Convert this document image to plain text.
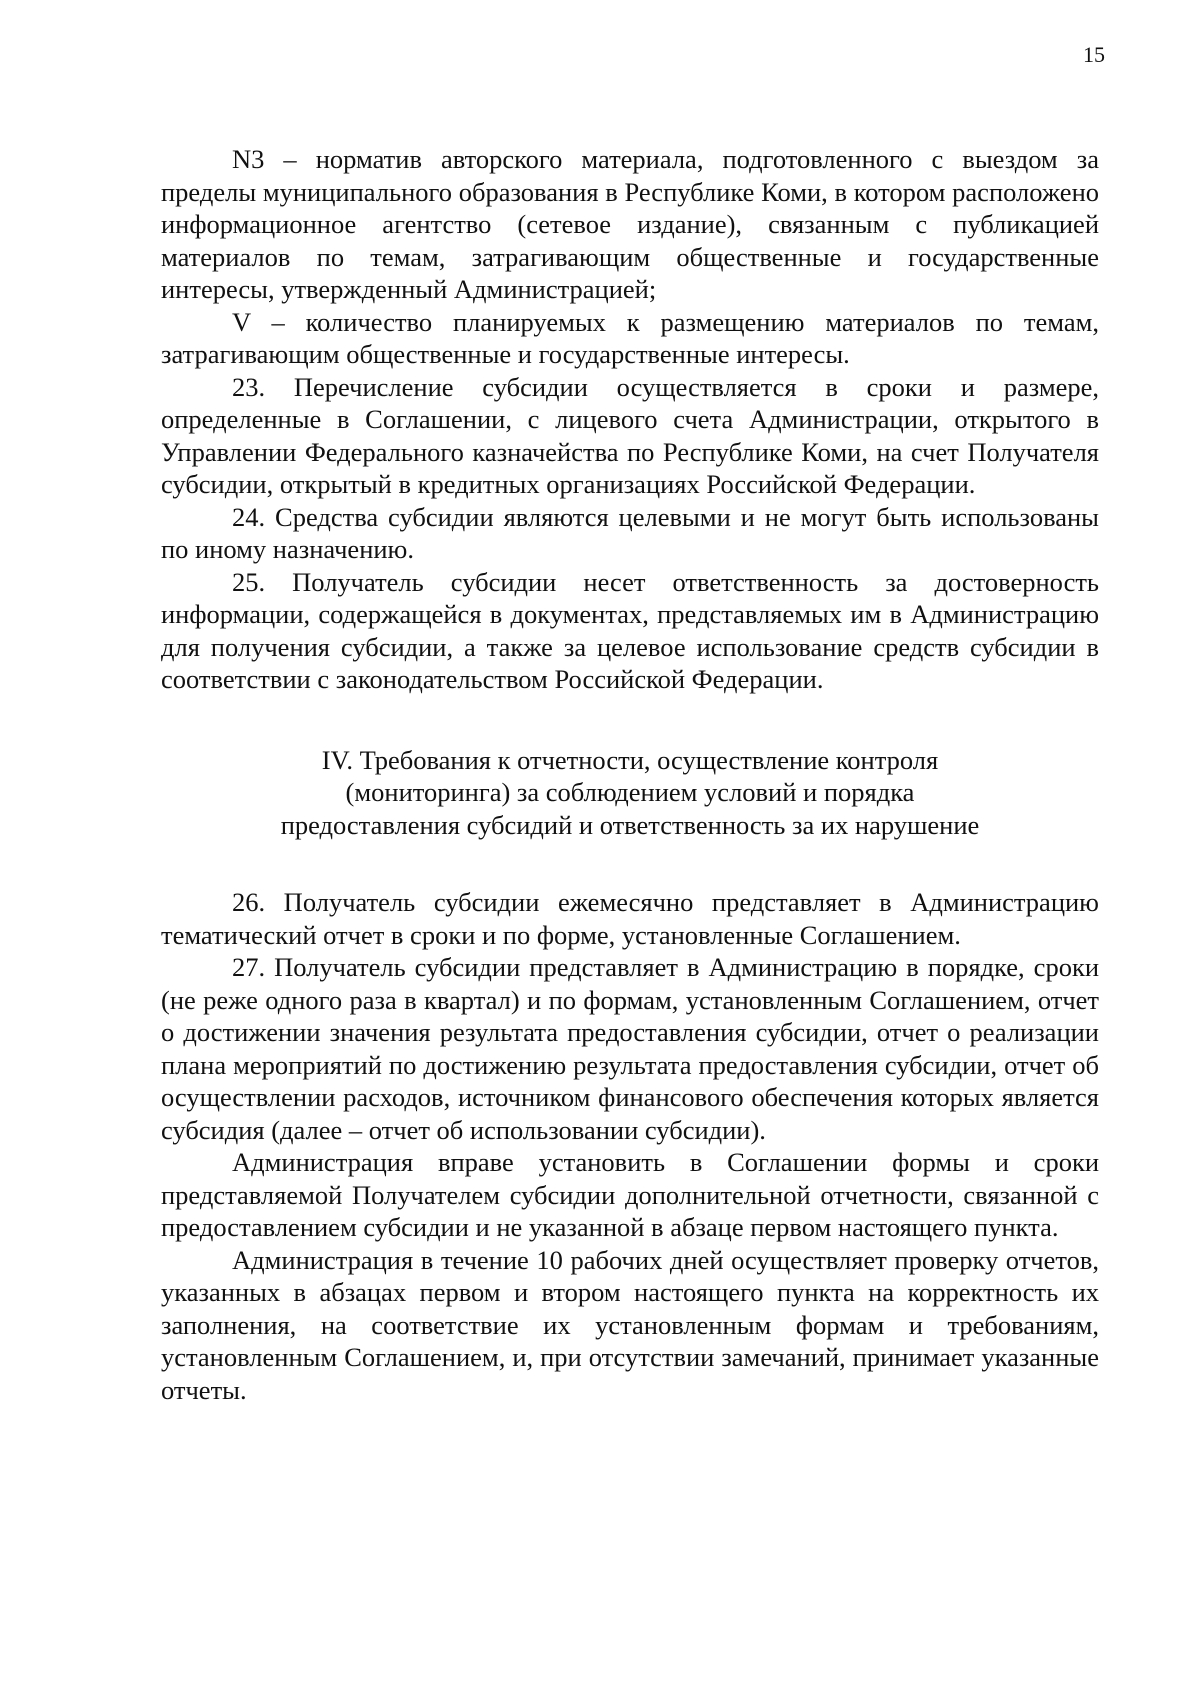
15

N3 – норматив авторского материала, подготовленного с выездом за пределы муниципального образования в Республике Коми, в котором расположено информационное агентство (сетевое издание), связанным с публикацией материалов по темам, затрагивающим общественные и государственные интересы, утвержденный Администрацией;

V – количество планируемых к размещению материалов по темам, затрагивающим общественные и государственные интересы.

23. Перечисление субсидии осуществляется в сроки и размере, определенные в Соглашении, с лицевого счета Администрации, открытого в Управлении Федерального казначейства по Республике Коми, на счет Получателя субсидии, открытый в кредитных организациях Российской Федерации.

24. Средства субсидии являются целевыми и не могут быть использованы по иному назначению.

25. Получатель субсидии несет ответственность за достоверность информации, содержащейся в документах, представляемых им в Администрацию для получения субсидии, а также за целевое использование средств субсидии в соответствии с законодательством Российской Федерации.

IV. Требования к отчетности, осуществление контроля
(мониторинга) за соблюдением условий и порядка
предоставления субсидий и ответственность за их нарушение

26. Получатель субсидии ежемесячно представляет в Администрацию тематический отчет в сроки и по форме, установленные Соглашением.

27. Получатель субсидии представляет в Администрацию в порядке, сроки (не реже одного раза в квартал) и по формам, установленным Соглашением, отчет о достижении значения результата предоставления субсидии, отчет о реализации плана мероприятий по достижению результата предоставления субсидии, отчет об осуществлении расходов, источником финансового обеспечения которых является субсидия (далее – отчет об использовании субсидии).

Администрация вправе установить в Соглашении формы и сроки представляемой Получателем субсидии дополнительной отчетности, связанной с предоставлением субсидии и не указанной в абзаце первом настоящего пункта.

Администрация в течение 10 рабочих дней осуществляет проверку отчетов, указанных в абзацах первом и втором настоящего пункта на корректность их заполнения, на соответствие их установленным формам и требованиям, установленным Соглашением, и, при отсутствии замечаний, принимает указанные отчеты.
